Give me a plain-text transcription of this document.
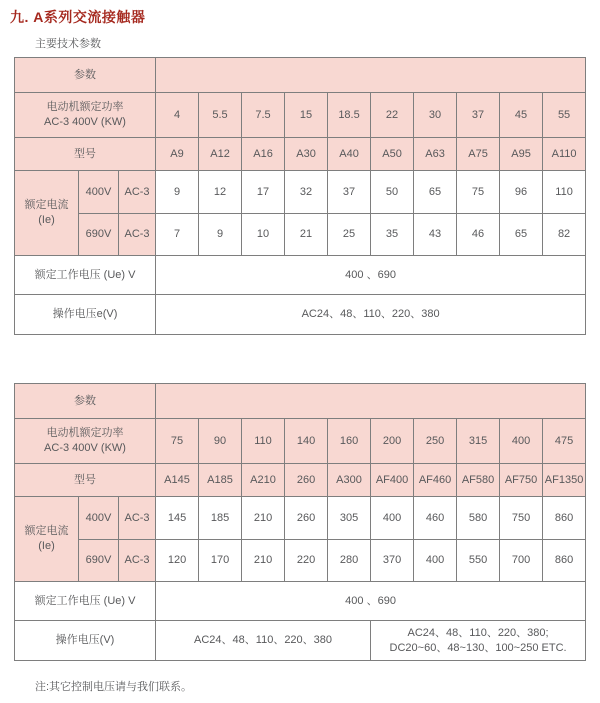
九. A系列交流接触器
主要技术参数
参数												

电动机额定功率
AC-3 400V (KW)			4	5.5	7.5	15	18.5	22	30	37	45	55
型号			A9	A12	A16	A30	A40	A50	A63	A75	A95	A110

额定电流
(Ie)	400V	AC-3	9	12	17	32	37	50	65	75	96	110
	690V	AC-3	7	9	10	21	25	35	43	46	65	82
额定工作电压 (Ue) V			400 、690									
操作电压e(V)			AC24、48、110、220、380									
参数												

电动机额定功率
AC-3 400V (KW)			75	90	110	140	160	200	250	315	400	475
型号			A145	A185	A210	260	A300	AF400	AF460	AF580	AF750	AF1350

额定电流
(Ie)	400V	AC-3	145	185	210	260	305	400	460	580	750	860
	690V	AC-3	120	170	210	220	280	370	400	550	700	860
额定工作电压 (Ue) V			400 、690									
操作电压(V)			AC24、48、110、220、380					AC24、48、110、220、380;
DC20~60、48~130、100~250 ETC.				
注:其它控制电压请与我们联系。
